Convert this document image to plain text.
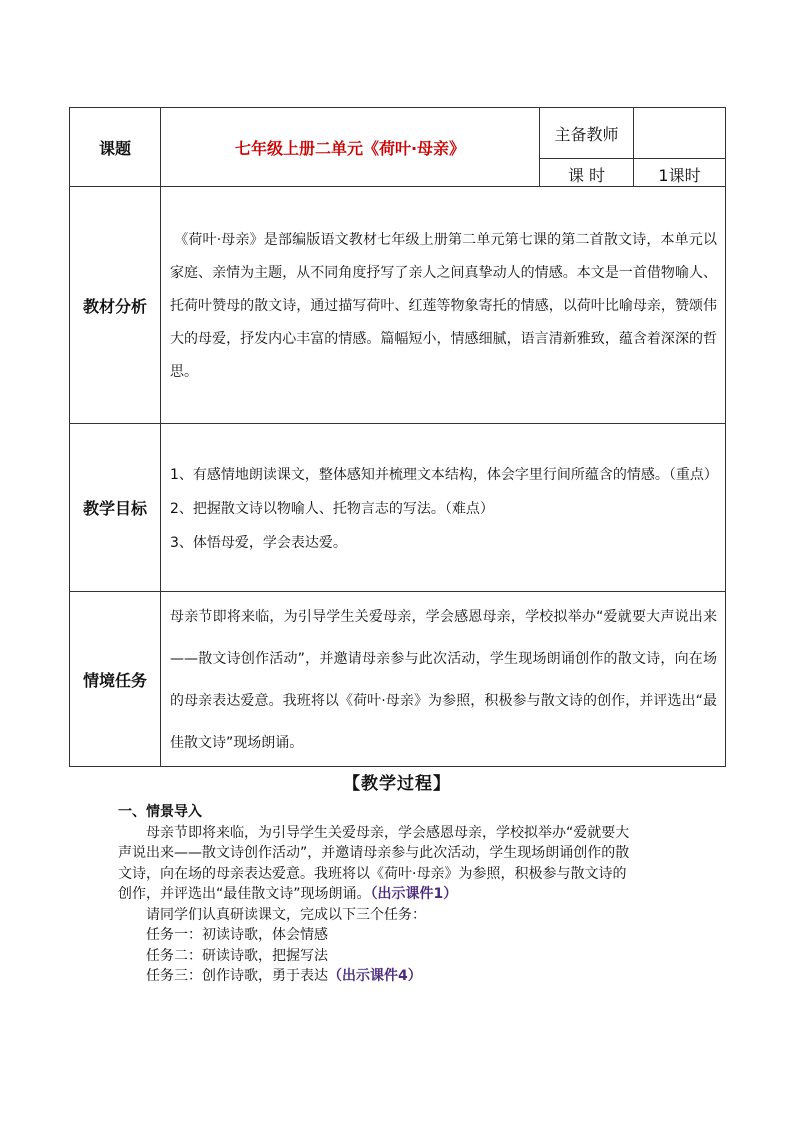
课题	七年级上册二单元《荷叶·母亲》	主备教师	
		课 时	1课时
教材分析	《荷叶·母亲》是部编版语文教材七年级上册第二单元第七课的第二首散文诗，本单元以家庭、亲情为主题，从不同角度抒写了亲人之间真挚动人的情感。本文是一首借物喻人、托荷叶赞母的散文诗，通过描写荷叶、红莲等物象寄托的情感，以荷叶比喻母亲，赞颂伟大的母爱，抒发内心丰富的情感。篇幅短小，情感细腻，语言清新雅致，蕴含着深深的哲思。		

教学目标	1、有感情地朗读课文，整体感知并梳理文本结构，体会字里行间所蕴含的情感。（重点）

2、把握散文诗以物喻人、托物言志的写法。（难点）

3、体悟母爱，学会表达爱。		

情境任务	母亲节即将来临，为引导学生关爱母亲，学会感恩母亲，学校拟举办“爱就要大声说出来——散文诗创作活动”，并邀请母亲参与此次活动，学生现场朗诵创作的散文诗，向在场的母亲表达爱意。我班将以《荷叶·母亲》为参照，积极参与散文诗的创作，并评选出“最佳散文诗”现场朗诵。		

【教学过程】

一、情景导入

母亲节即将来临，为引导学生关爱母亲，学会感恩母亲，学校拟举办“爱就要大声说出来——散文诗创作活动”，并邀请母亲参与此次活动，学生现场朗诵创作的散文诗，向在场的母亲表达爱意。我班将以《荷叶·母亲》为参照，积极参与散文诗的创作，并评选出“最佳散文诗”现场朗诵。（出示课件1）

请同学们认真研读课文，完成以下三个任务：

任务一：初读诗歌，体会情感

任务二：研读诗歌，把握写法

任务三：创作诗歌，勇于表达（出示课件4）
